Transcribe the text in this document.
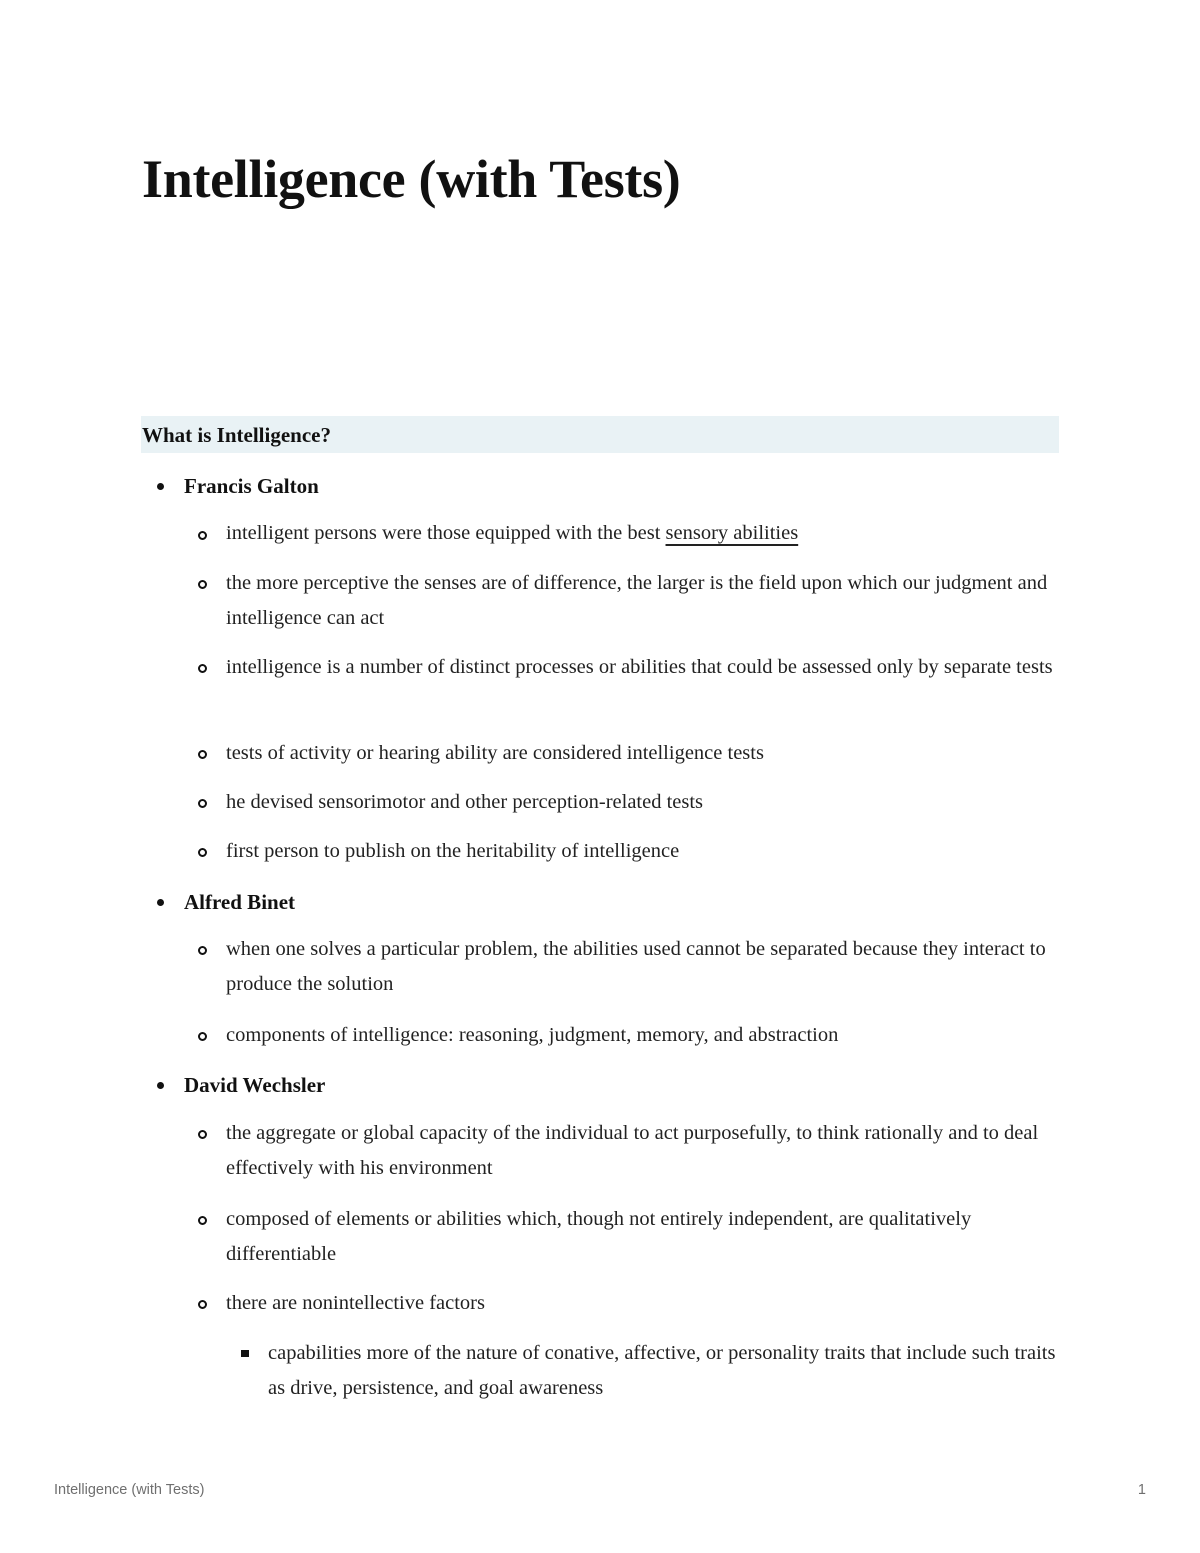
Intelligence (with Tests)
What is Intelligence?
Francis Galton
intelligent persons were those equipped with the best sensory abilities
the more perceptive the senses are of difference, the larger is the field upon which our judgment and intelligence can act
intelligence is a number of distinct processes or abilities that could be assessed only by separate tests
tests of activity or hearing ability are considered intelligence tests
he devised sensorimotor and other perception-related tests
first person to publish on the heritability of intelligence
Alfred Binet
when one solves a particular problem, the abilities used cannot be separated because they interact to produce the solution
components of intelligence: reasoning, judgment, memory, and abstraction
David Wechsler
the aggregate or global capacity of the individual to act purposefully, to think rationally and to deal effectively with his environment
composed of elements or abilities which, though not entirely independent, are qualitatively differentiable
there are nonintellective factors
capabilities more of the nature of conative, affective, or personality traits that include such traits as drive, persistence, and goal awareness
Intelligence (with Tests)	1
